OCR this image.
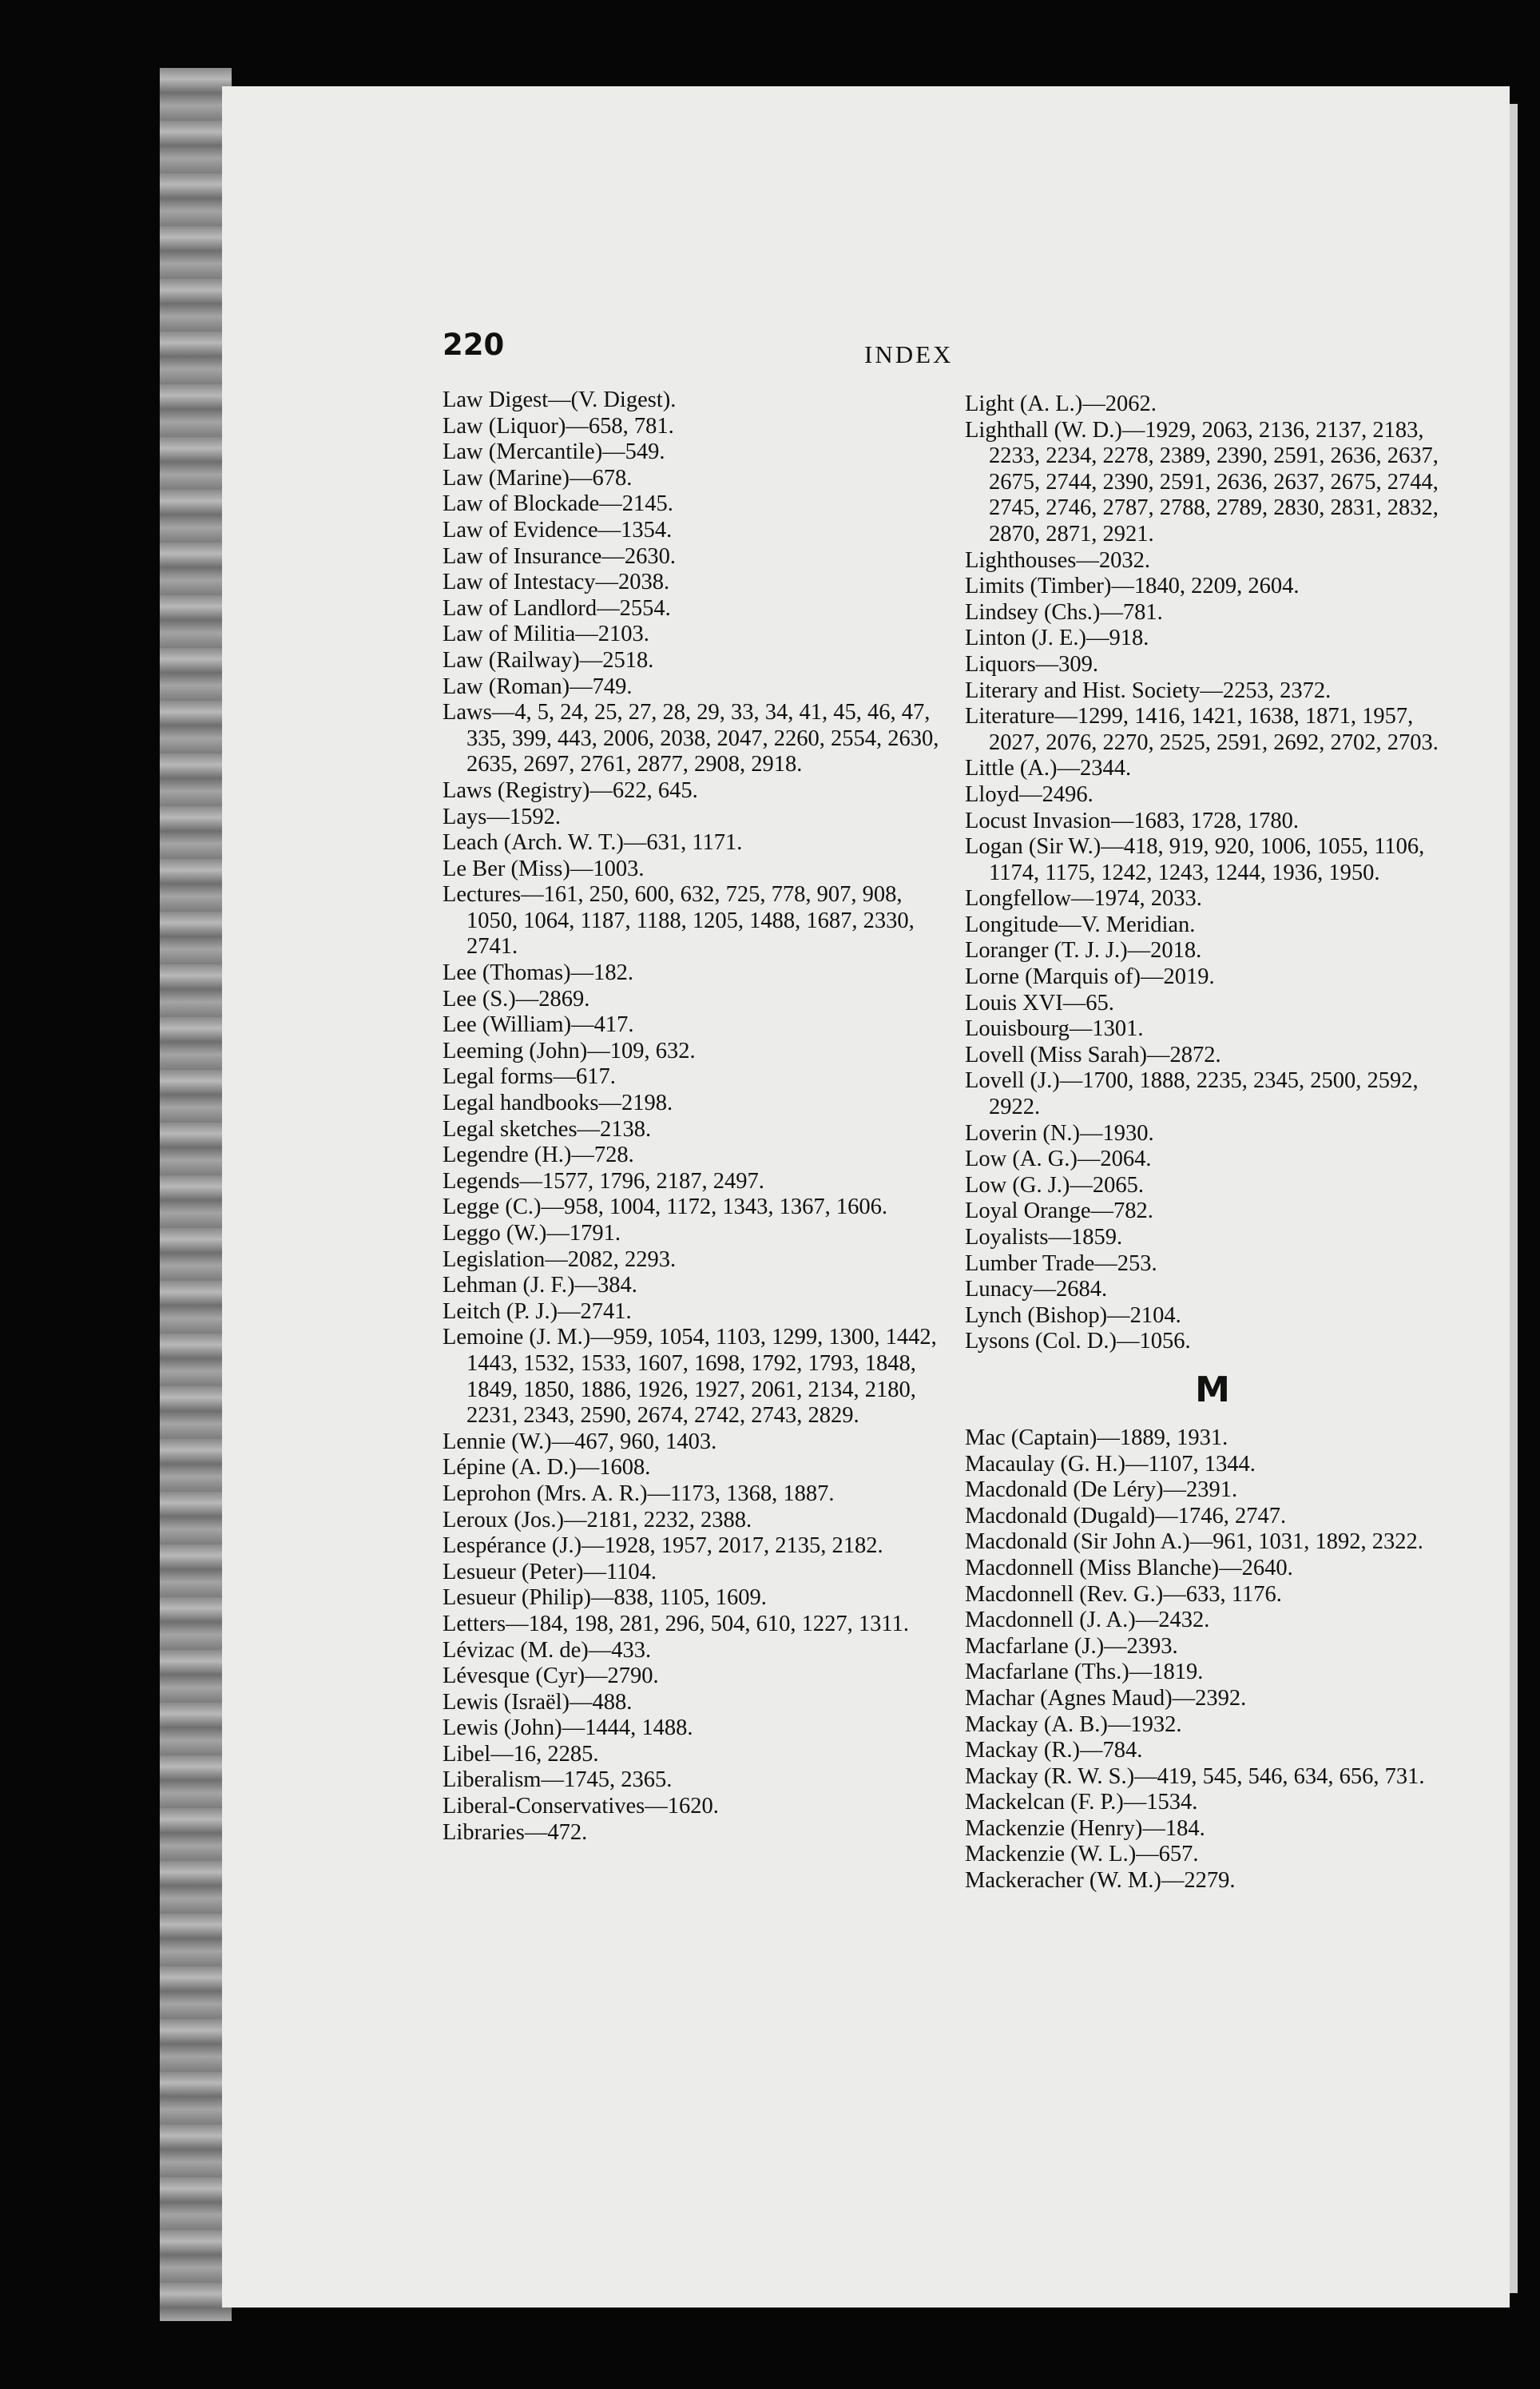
220	INDEX
Law Digest—(V. Digest).
Law (Liquor)—658, 781.
Law (Mercantile)—549.
Law (Marine)—678.
Law of Blockade—2145.
Law of Evidence—1354.
Law of Insurance—2630.
Law of Intestacy—2038.
Law of Landlord—2554.
Law of Militia—2103.
Law (Railway)—2518.
Law (Roman)—749.
Laws—4, 5, 24, 25, 27, 28, 29, 33, 34, 41, 45, 46, 47, 335, 399, 443, 2006, 2038, 2047, 2260, 2554, 2630, 2635, 2697, 2761, 2877, 2908, 2918.
Laws (Registry)—622, 645.
Lays—1592.
Leach (Arch. W. T.)—631, 1171.
Le Ber (Miss)—1003.
Lectures—161, 250, 600, 632, 725, 778, 907, 908, 1050, 1064, 1187, 1188, 1205, 1488, 1687, 2330, 2741.
Lee (Thomas)—182.
Lee (S.)—2869.
Lee (William)—417.
Leeming (John)—109, 632.
Legal forms—617.
Legal handbooks—2198.
Legal sketches—2138.
Legendre (H.)—728.
Legends—1577, 1796, 2187, 2497.
Legge (C.)—958, 1004, 1172, 1343, 1367, 1606.
Leggo (W.)—1791.
Legislation—2082, 2293.
Lehman (J. F.)—384.
Leitch (P. J.)—2741.
Lemoine (J. M.)—959, 1054, 1103, 1299, 1300, 1442, 1443, 1532, 1533, 1607, 1698, 1792, 1793, 1848, 1849, 1850, 1886, 1926, 1927, 2061, 2134, 2180, 2231, 2343, 2590, 2674, 2742, 2743, 2829.
Lennie (W.)—467, 960, 1403.
Lépine (A. D.)—1608.
Leprohon (Mrs. A. R.)—1173, 1368, 1887.
Leroux (Jos.)—2181, 2232, 2388.
Lespérance (J.)—1928, 1957, 2017, 2135, 2182.
Lesueur (Peter)—1104.
Lesueur (Philip)—838, 1105, 1609.
Letters—184, 198, 281, 296, 504, 610, 1227, 1311.
Lévizac (M. de)—433.
Lévesque (Cyr)—2790.
Lewis (Israël)—488.
Lewis (John)—1444, 1488.
Libel—16, 2285.
Liberalism—1745, 2365.
Liberal-Conservatives—1620.
Libraries—472.
Light (A. L.)—2062.
Lighthall (W. D.)—1929, 2063, 2136, 2137, 2183, 2233, 2234, 2278, 2389, 2390, 2591, 2636, 2637, 2675, 2744, 2390, 2591, 2636, 2637, 2675, 2744, 2745, 2746, 2787, 2788, 2789, 2830, 2831, 2832, 2870, 2871, 2921.
Lighthouses—2032.
Limits (Timber)—1840, 2209, 2604.
Lindsey (Chs.)—781.
Linton (J. E.)—918.
Liquors—309.
Literary and Hist. Society—2253, 2372.
Literature—1299, 1416, 1421, 1638, 1871, 1957, 2027, 2076, 2270, 2525, 2591, 2692, 2702, 2703.
Little (A.)—2344.
Lloyd—2496.
Locust Invasion—1683, 1728, 1780.
Logan (Sir W.)—418, 919, 920, 1006, 1055, 1106, 1174, 1175, 1242, 1243, 1244, 1936, 1950.
Longfellow—1974, 2033.
Longitude—V. Meridian.
Loranger (T. J. J.)—2018.
Lorne (Marquis of)—2019.
Louis XVI—65.
Louisbourg—1301.
Lovell (Miss Sarah)—2872.
Lovell (J.)—1700, 1888, 2235, 2345, 2500, 2592, 2922.
Loverin (N.)—1930.
Low (A. G.)—2064.
Low (G. J.)—2065.
Loyal Orange—782.
Loyalists—1859.
Lumber Trade—253.
Lunacy—2684.
Lynch (Bishop)—2104.
Lysons (Col. D.)—1056.
M
Mac (Captain)—1889, 1931.
Macaulay (G. H.)—1107, 1344.
Macdonald (De Léry)—2391.
Macdonald (Dugald)—1746, 2747.
Macdonald (Sir John A.)—961, 1031, 1892, 2322.
Macdonnell (Miss Blanche)—2640.
Macdonnell (Rev. G.)—633, 1176.
Macdonnell (J. A.)—2432.
Macfarlane (J.)—2393.
Macfarlane (Ths.)—1819.
Machar (Agnes Maud)—2392.
Mackay (A. B.)—1932.
Mackay (R.)—784.
Mackay (R. W. S.)—419, 545, 546, 634, 656, 731.
Mackelcan (F. P.)—1534.
Mackenzie (Henry)—184.
Mackenzie (W. L.)—657.
Mackeracher (W. M.)—2279.
